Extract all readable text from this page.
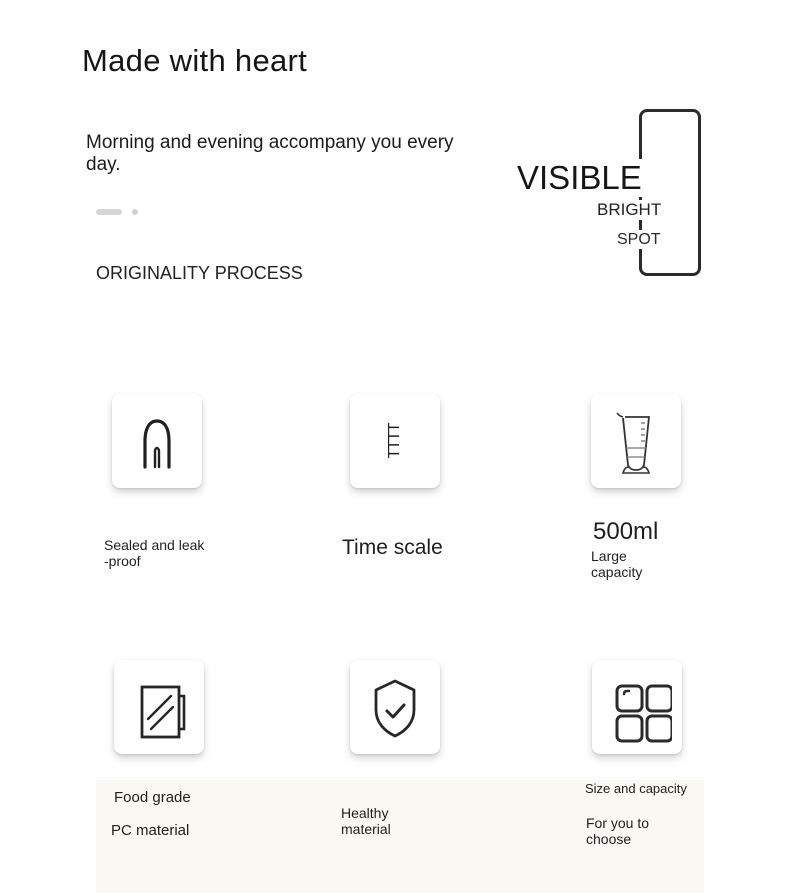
Made with heart
Morning and evening accompany you every day.
ORIGINALITY PROCESS
VISIBLE
BRIGHT
SPOT
Sealed and leak
-proof
TTTT
Time scale
500ml
Large
capacity
Food grade
PC material
Healthy
material
Size and capacity
For you to
choose
